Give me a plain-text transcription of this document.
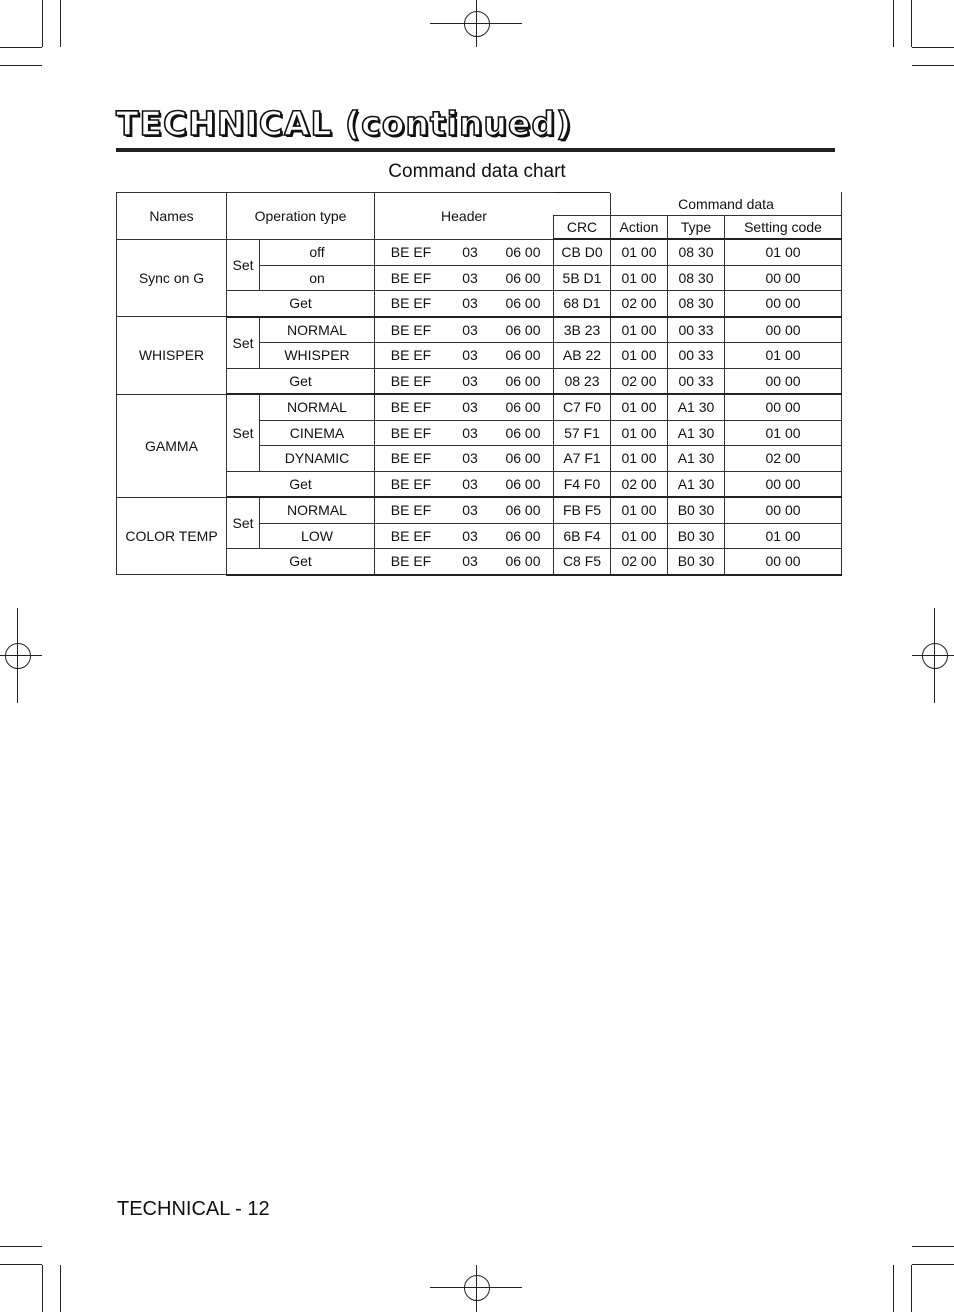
TECHNICAL (continued)
Command data chart
Names	Operation type		Header		Command data		
				CRC	Action	Type	Setting code
Sync on G	Set	off	BE EF 03 06 00	CB D0	01 00	08 30	01 00
		on	BE EF 03 06 00	5B D1	01 00	08 30	00 00
	Get		BE EF 03 06 00	68 D1	02 00	08 30	00 00
WHISPER	Set	NORMAL	BE EF 03 06 00	3B 23	01 00	00 33	00 00
		WHISPER	BE EF 03 06 00	AB 22	01 00	00 33	01 00
	Get		BE EF 03 06 00	08 23	02 00	00 33	00 00
GAMMA	Set	NORMAL	BE EF 03 06 00	C7 F0	01 00	A1 30	00 00
		CINEMA	BE EF 03 06 00	57 F1	01 00	A1 30	01 00
		DYNAMIC	BE EF 03 06 00	A7 F1	01 00	A1 30	02 00
	Get		BE EF 03 06 00	F4 F0	02 00	A1 30	00 00
COLOR TEMP	Set	NORMAL	BE EF 03 06 00	FB F5	01 00	B0 30	00 00
		LOW	BE EF 03 06 00	6B F4	01 00	B0 30	01 00
	Get		BE EF 03 06 00	C8 F5	02 00	B0 30	00 00
TECHNICAL - 12
